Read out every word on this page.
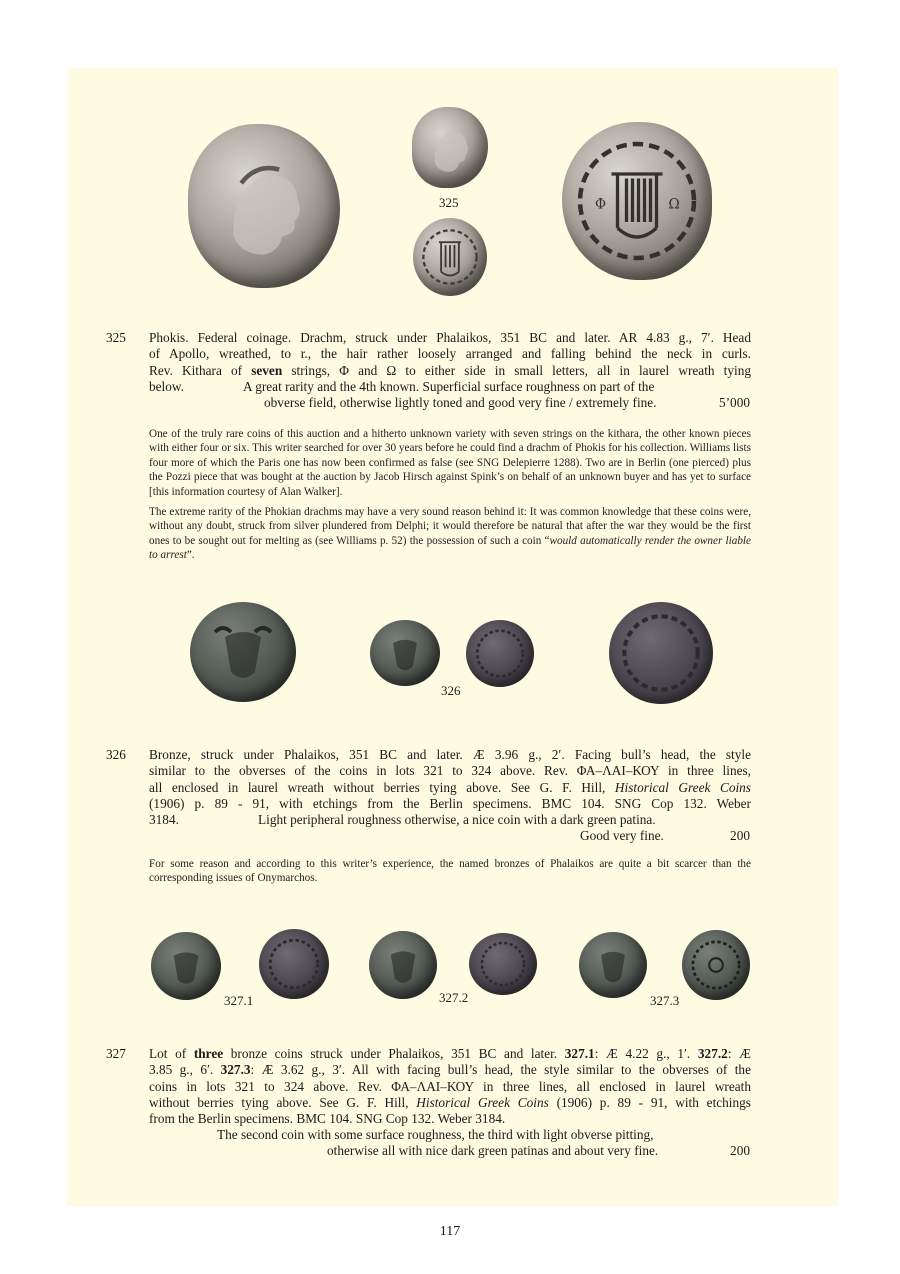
325	Φ	Ω
325 Phokis. Federal coinage. Drachm, struck under Phalaikos, 351 BC and later. AR 4.83 g., 7′. Head
of Apollo, wreathed, to r., the hair rather loosely arranged and falling behind the neck in curls.
Rev. Kithara of seven strings, Φ and Ω to either side in small letters, all in laurel wreath tying
below.	A great rarity and the 4th known. Superficial surface roughness on part of the
obverse field, otherwise lightly toned and good very fine / extremely fine.	5’000
One of the truly rare coins of this auction and a hitherto unknown variety with seven strings on the kithara, the other known pieces with either four or six. This writer searched for over 30 years before he could find a drachm of Phokis for his collection. Williams lists four more of which the Paris one has now been confirmed as false (see SNG Delepierre 1288). Two are in Berlin (one pierced) plus the Pozzi piece that was bought at the auction by Jacob Hirsch against Spink’s on behalf of an unknown buyer and has yet to surface [this information courtesy of Alan Walker].
The extreme rarity of the Phokian drachms may have a very sound reason behind it: It was common knowledge that these coins were, without any doubt, struck from silver plundered from Delphi; it would therefore be natural that after the war they would be the first ones to be sought out for melting as (see Williams p. 52) the possession of such a coin “would automatically render the owner liable to arrest”.
326
326 Bronze, struck under Phalaikos, 351 BC and later. Æ 3.96 g., 2′. Facing bull’s head, the style
similar to the obverses of the coins in lots 321 to 324 above. Rev. ΦΑ–ΛΑΙ–ΚΟΥ in three lines,
all enclosed in laurel wreath without berries tying above. See G. F. Hill, Historical Greek Coins
(1906) p. 89 - 91, with etchings from the Berlin specimens. BMC 104. SNG Cop 132. Weber
3184.	Light peripheral roughness otherwise, a nice coin with a dark green patina.
Good very fine.	200
For some reason and according to this writer’s experience, the named bronzes of Phalaikos are quite a bit scarcer than the corresponding issues of Onymarchos.
327.1	327.2	327.3
327 Lot of three bronze coins struck under Phalaikos, 351 BC and later. 327.1: Æ 4.22 g., 1′. 327.2: Æ
3.85 g., 6′. 327.3: Æ 3.62 g., 3′. All with facing bull’s head, the style similar to the obverses of the
coins in lots 321 to 324 above. Rev. ΦΑ–ΛΑΙ–ΚΟΥ in three lines, all enclosed in laurel wreath
without berries tying above. See G. F. Hill, Historical Greek Coins (1906) p. 89 - 91, with etchings
from the Berlin specimens. BMC 104. SNG Cop 132. Weber 3184.
The second coin with some surface roughness, the third with light obverse pitting,
otherwise all with nice dark green patinas and about very fine.	200
117
